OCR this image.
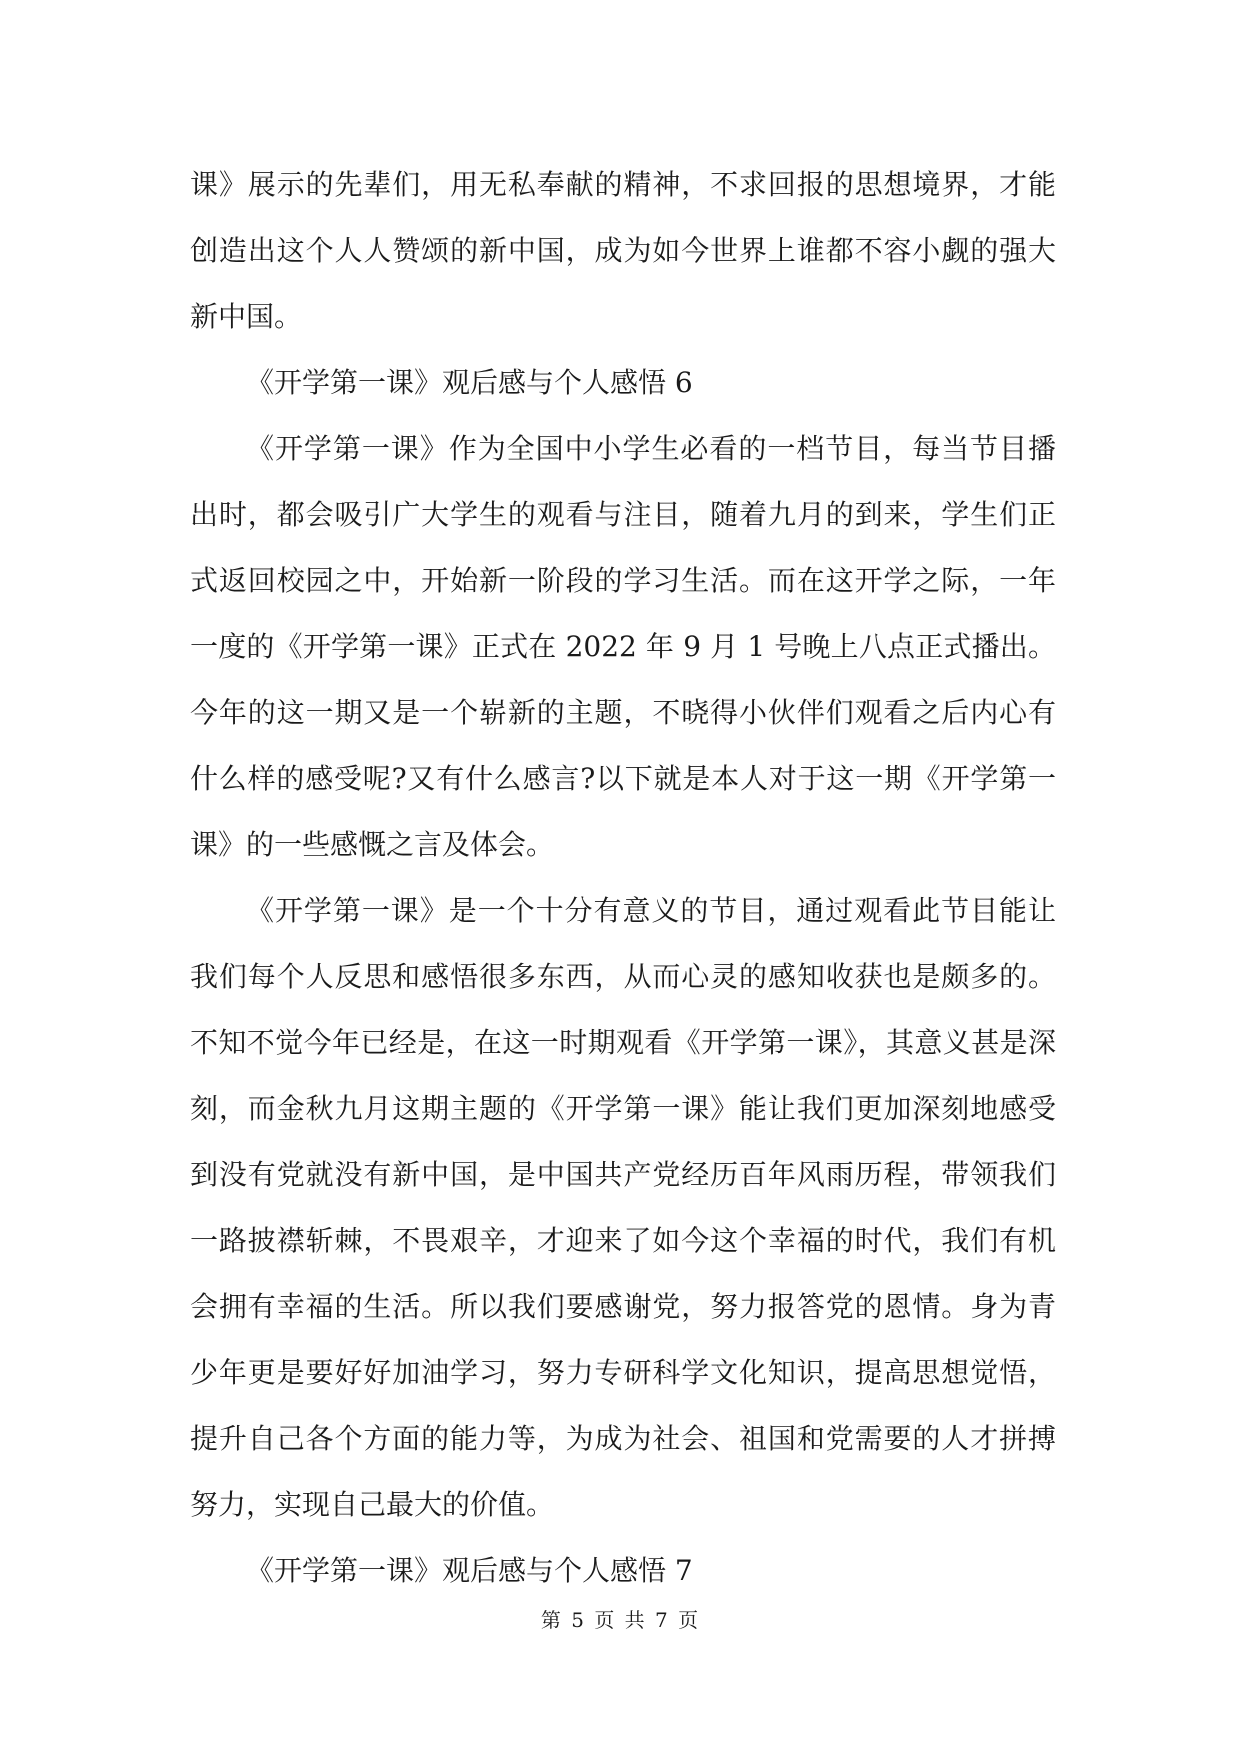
课》展示的先辈们，用无私奉献的精神，不求回报的思想境界，才能创造出这个人人赞颂的新中国，成为如今世界上谁都不容小觑的强大新中国。

《开学第一课》观后感与个人感悟 6

《开学第一课》作为全国中小学生必看的一档节目，每当节目播出时，都会吸引广大学生的观看与注目，随着九月的到来，学生们正式返回校园之中，开始新一阶段的学习生活。而在这开学之际，一年一度的《开学第一课》正式在 2022 年 9 月 1 号晚上八点正式播出。今年的这一期又是一个崭新的主题，不晓得小伙伴们观看之后内心有什么样的感受呢?又有什么感言?以下就是本人对于这一期《开学第一课》的一些感慨之言及体会。

《开学第一课》是一个十分有意义的节目，通过观看此节目能让我们每个人反思和感悟很多东西，从而心灵的感知收获也是颇多的。不知不觉今年已经是，在这一时期观看《开学第一课》，其意义甚是深刻，而金秋九月这期主题的《开学第一课》能让我们更加深刻地感受到没有党就没有新中国，是中国共产党经历百年风雨历程，带领我们一路披襟斩棘，不畏艰辛，才迎来了如今这个幸福的时代，我们有机会拥有幸福的生活。所以我们要感谢党，努力报答党的恩情。身为青少年更是要好好加油学习，努力专研科学文化知识，提高思想觉悟，提升自己各个方面的能力等，为成为社会、祖国和党需要的人才拼搏努力，实现自己最大的价值。

《开学第一课》观后感与个人感悟 7

第 5 页 共 7 页
